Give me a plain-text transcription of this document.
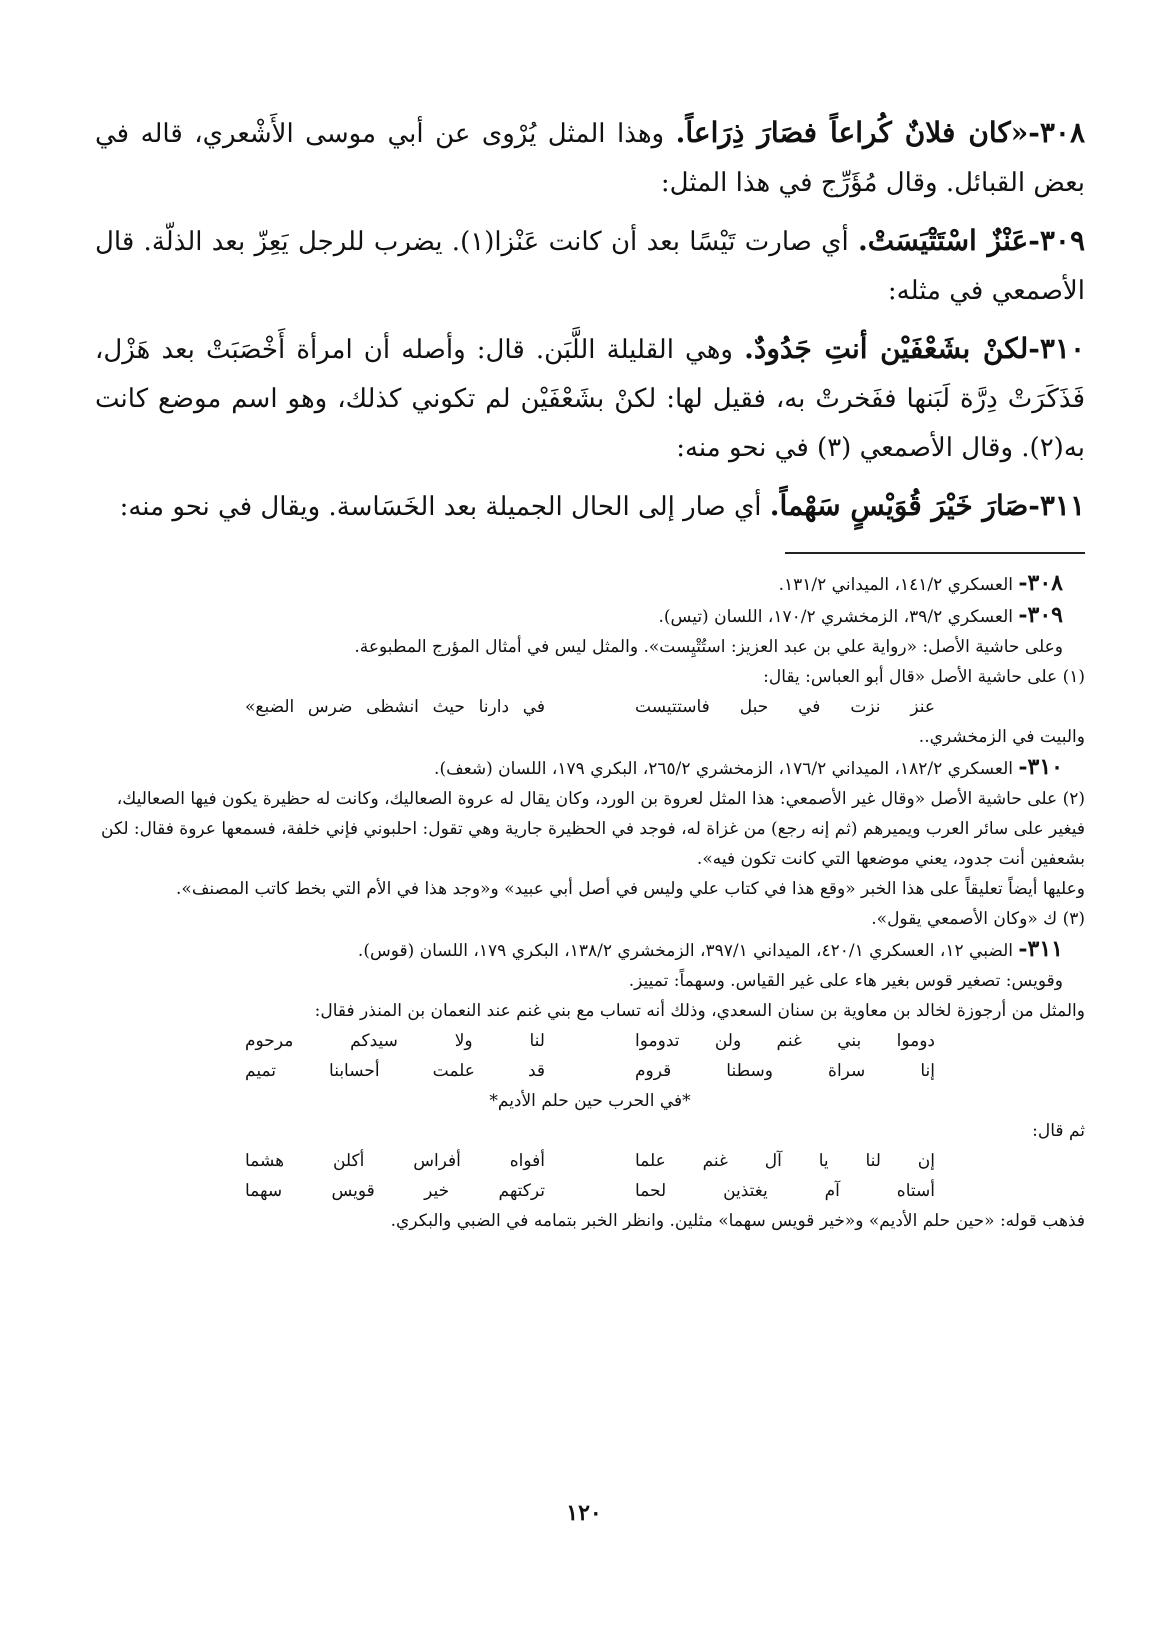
٣٠٨-«كان فلانٌ كُراعاً فصَارَ ذِرَاعاً. وهذا المثل يُرْوى عن أبي موسى الأَشْعري، قاله في بعض القبائل. وقال مُؤَرِّج في هذا المثل:

٣٠٩-عَنْزٌ اسْتَتْيَسَتْ. أي صارت تَيْسًا بعد أن كانت عَنْزا(١). يضرب للرجل يَعِزّ بعد الذلّة. قال الأصمعي في مثله:

٣١٠-لكنْ بشَعْفَيْن أنتِ جَدُودٌ. وهي القليلة اللَّبَن. قال: وأصله أن امرأة أَخْصَبَتْ بعد هَزْل، فَذَكَرَتْ دِرَّة لَبَنها ففَخرتْ به، فقيل لها: لكنْ بشَعْفَيْن لم تكوني كذلك، وهو اسم موضع كانت به(٢). وقال الأصمعي (٣) في نحو منه:

٣١١-صَارَ خَيْرَ قُوَيْسٍ سَهْماً. أي صار إلى الحال الجميلة بعد الخَسَاسة. ويقال في نحو منه:

٣٠٨- العسكري ١٤١/٢، الميداني ١٣١/٢.

٣٠٩- العسكري ٣٩/٢، الزمخشري ١٧٠/٢، اللسان (تيس).

وعلى حاشية الأصل: «رواية علي بن عبد العزيز: استُتْيِست». والمثل ليس في أمثال المؤرج المطبوعة.

(١) على حاشية الأصل «قال أبو العباس: يقال:

عنز نزت في حبل فاستتيست
في دارنا حيث انشظى ضرس الضبع»

والبيت في الزمخشري..

٣١٠- العسكري ١٨٢/٢، الميداني ١٧٦/٢، الزمخشري ٢٦٥/٢، البكري ١٧٩، اللسان (شعف).

(٢) على حاشية الأصل «وقال غير الأصمعي: هذا المثل لعروة بن الورد، وكان يقال له عروة الصعاليك، وكانت له حظيرة يكون فيها الصعاليك، فيغير على سائر العرب ويميرهم (ثم إنه رجع) من غزاة له، فوجد في الحظيرة جارية وهي تقول: احلبوني فإني خلفة، فسمعها عروة فقال: لكن بشعفين أنت جدود، يعني موضعها التي كانت تكون فيه».

وعليها أيضاً تعليقاً على هذا الخبر «وقع هذا في كتاب علي وليس في أصل أبي عبيد» و«وجد هذا في الأم التي بخط كاتب المصنف».

(٣) ك «وكان الأصمعي يقول».

٣١١- الضبي ١٢، العسكري ٤٢٠/١، الميداني ٣٩٧/١، الزمخشري ١٣٨/٢، البكري ١٧٩، اللسان (قوس).

وقويس: تصغير قوس بغير هاء على غير القياس. وسهماً: تمييز.

والمثل من أرجوزة لخالد بن معاوية بن سنان السعدي، وذلك أنه تساب مع بني غنم عند النعمان بن المنذر فقال:

دوموا بني غنم ولن تدوموا
لنا ولا سيدكم مرحوم

إنا سراة وسطنا قروم
قد علمت أحسابنا تميم

*في الحرب حين حلم الأديم*

ثم قال:

إن لنا يا آل غنم علما
أفواه أفراس أكلن هشما

أستاه آم يغتذين لحما
تركتهم خير قويس سهما

فذهب قوله: «حين حلم الأديم» و«خير قويس سهما» مثلين. وانظر الخبر بتمامه في الضبي والبكري.

١٢٠
